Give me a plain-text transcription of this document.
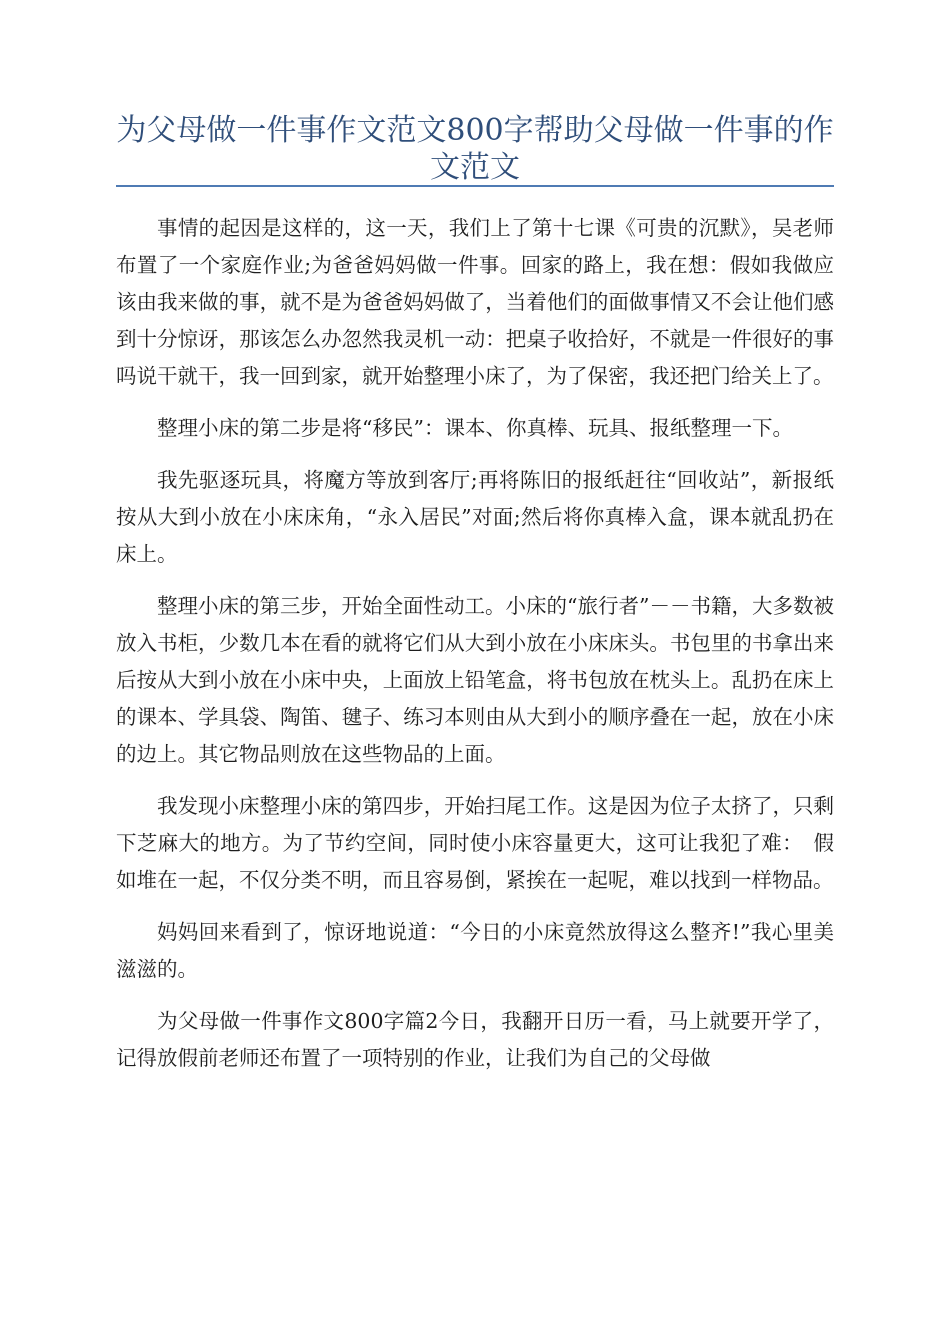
为父母做一件事作文范文800字帮助父母做一件事的作文范文

事情的起因是这样的，这一天，我们上了第十七课《可贵的沉默》，吴老师布置了一个家庭作业;为爸爸妈妈做一件事。回家的路上，我在想：假如我做应该由我来做的事，就不是为爸爸妈妈做了，当着他们的面做事情又不会让他们感到十分惊讶，那该怎么办忽然我灵机一动：把桌子收拾好，不就是一件很好的事吗说干就干，我一回到家，就开始整理小床了，为了保密，我还把门给关上了。

整理小床的第二步是将“移民”：课本、你真棒、玩具、报纸整理一下。

我先驱逐玩具，将魔方等放到客厅;再将陈旧的报纸赶往“回收站”，新报纸按从大到小放在小床床角，“永入居民”对面;然后将你真棒入盒，课本就乱扔在床上。

整理小床的第三步，开始全面性动工。小床的“旅行者”－－书籍，大多数被放入书柜，少数几本在看的就将它们从大到小放在小床床头。书包里的书拿出来后按从大到小放在小床中央，上面放上铅笔盒，将书包放在枕头上。乱扔在床上的课本、学具袋、陶笛、毽子、练习本则由从大到小的顺序叠在一起，放在小床的边上。其它物品则放在这些物品的上面。

我发现小床整理小床的第四步，开始扫尾工作。这是因为位子太挤了，只剩下芝麻大的地方。为了节约空间，同时使小床容量更大，这可让我犯了难：　假如堆在一起，不仅分类不明，而且容易倒，紧挨在一起呢，难以找到一样物品。

妈妈回来看到了，惊讶地说道：“今日的小床竟然放得这么整齐!”我心里美滋滋的。

为父母做一件事作文800字篇2今日，我翻开日历一看，马上就要开学了，记得放假前老师还布置了一项特别的作业，让我们为自己的父母做
